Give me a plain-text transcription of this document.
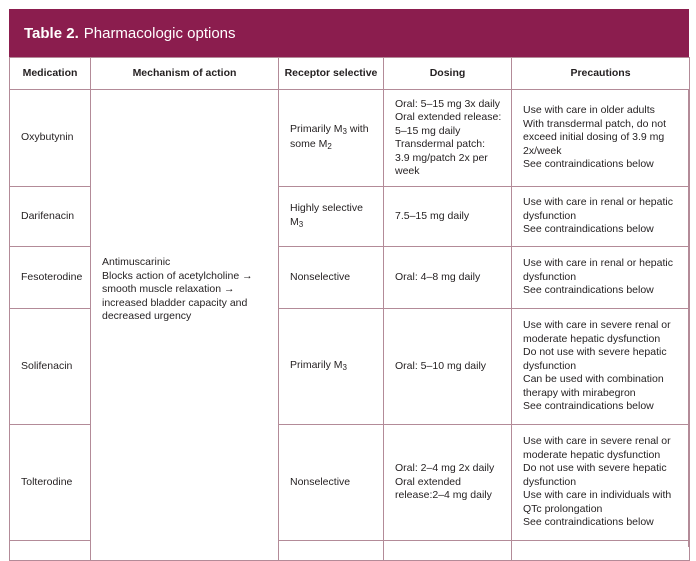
Table 2. Pharmacologic options
Medication	Mechanism of action	Receptor selective	Dosing	Precautions
Oxybutynin	Antimuscarinic
Blocks action of acetylcholine → smooth muscle relaxation → increased bladder capacity and decreased urgency	Primarily $M_3$ with some $M_2$	Oral: 5–15 mg 3x daily
Oral extended release: 5–15 mg daily
Transdermal patch:
3.9 mg/patch 2x per week	Use with care in older adults
With transdermal patch, do not exceed initial dosing of 3.9 mg 2x/week
See contraindications below

Darifenacin		Highly selective $M_3$	7.5–15 mg daily	Use with care in renal or hepatic dysfunction
See contraindications below

Fesoterodine		Nonselective	Oral: 4–8 mg daily	Use with care in renal or hepatic dysfunction
See contraindications below

Solifenacin		Primarily $M_3$	Oral: 5–10 mg daily	Use with care in severe renal or moderate hepatic dysfunction
Do not use with severe hepatic dysfunction
Can be used with combination therapy with mirabegron
See contraindications below

Tolterodine		Nonselective	Oral: 2–4 mg 2x daily
Oral extended release:2–4 mg daily	Use with care in severe renal or moderate hepatic dysfunction
Do not use with severe hepatic dysfunction
Use with care in individuals with QTc prolongation
See contraindications below
